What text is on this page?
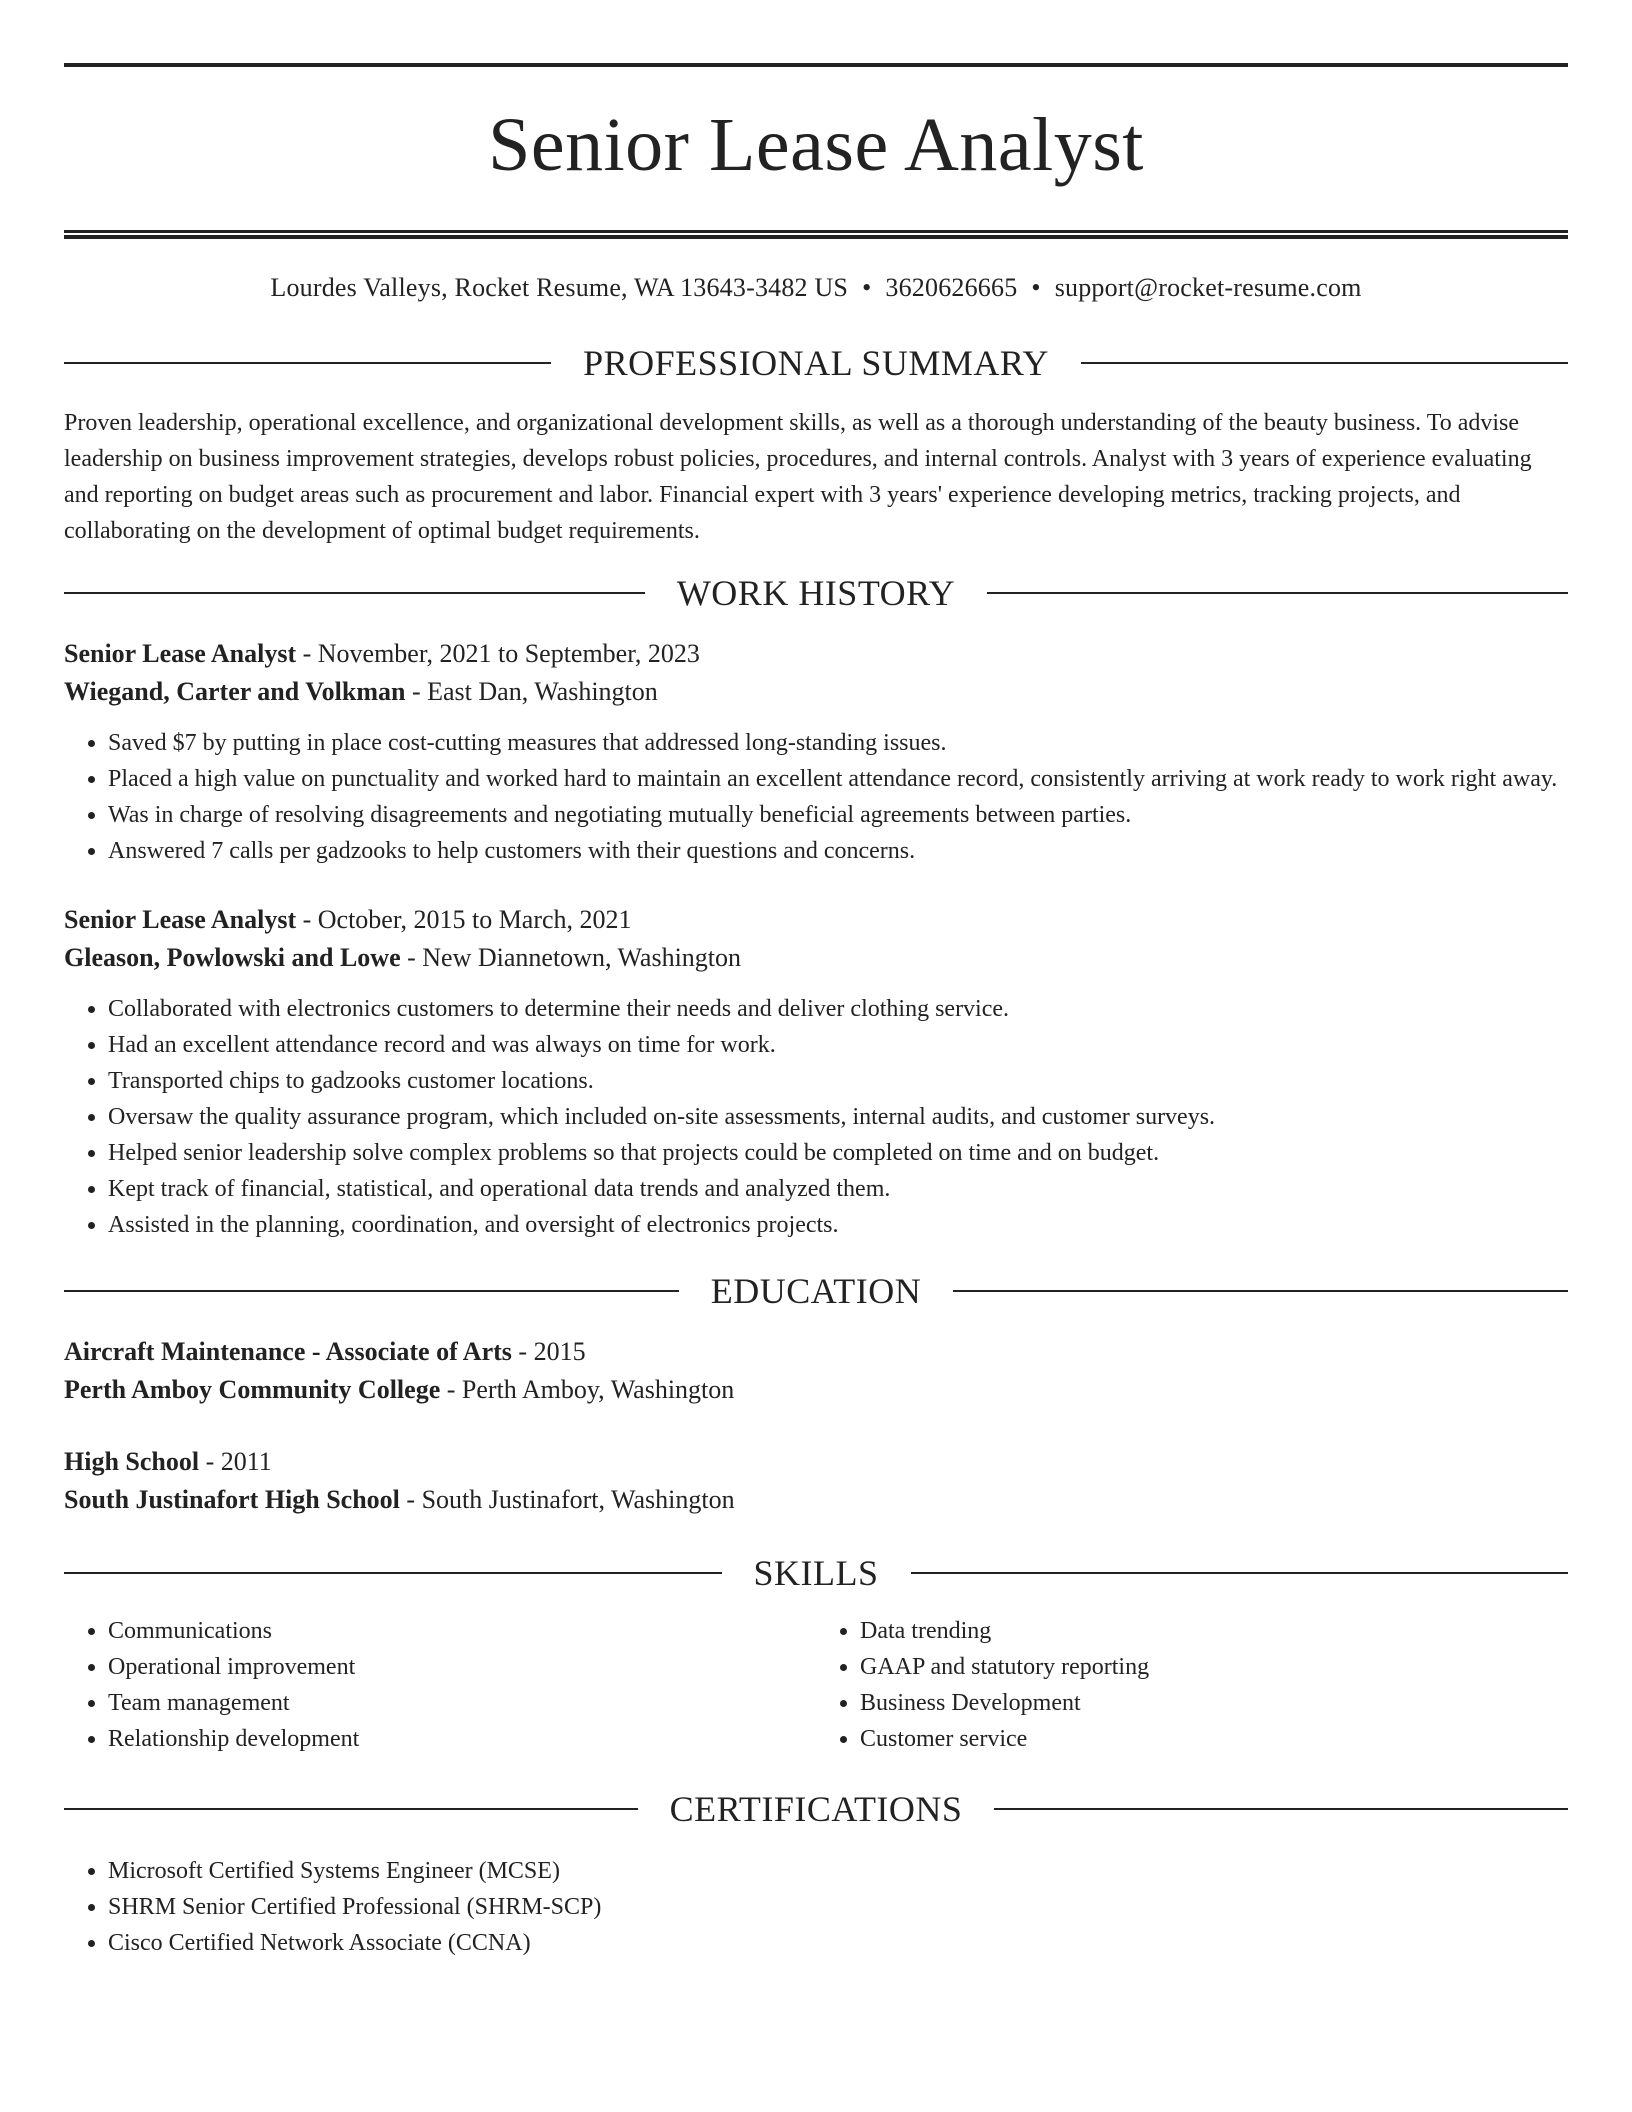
Senior Lease Analyst
Lourdes Valleys, Rocket Resume, WA 13643-3482 US • 3620626665 • support@rocket-resume.com
PROFESSIONAL SUMMARY

Proven leadership, operational excellence, and organizational development skills, as well as a thorough understanding of the beauty business. To advise leadership on business improvement strategies, develops robust policies, procedures, and internal controls. Analyst with 3 years of experience evaluating and reporting on budget areas such as procurement and labor. Financial expert with 3 years' experience developing metrics, tracking projects, and collaborating on the development of optimal budget requirements.

WORK HISTORY
Senior Lease Analyst - November, 2021 to September, 2023
Wiegand, Carter and Volkman - East Dan, Washington
• Saved $7 by putting in place cost-cutting measures that addressed long-standing issues.
• Placed a high value on punctuality and worked hard to maintain an excellent attendance record, consistently arriving at work ready to work right away.
• Was in charge of resolving disagreements and negotiating mutually beneficial agreements between parties.
• Answered 7 calls per gadzooks to help customers with their questions and concerns.
Senior Lease Analyst - October, 2015 to March, 2021
Gleason, Powlowski and Lowe - New Diannetown, Washington
• Collaborated with electronics customers to determine their needs and deliver clothing service.
• Had an excellent attendance record and was always on time for work.
• Transported chips to gadzooks customer locations.
• Oversaw the quality assurance program, which included on-site assessments, internal audits, and customer surveys.
• Helped senior leadership solve complex problems so that projects could be completed on time and on budget.
• Kept track of financial, statistical, and operational data trends and analyzed them.
• Assisted in the planning, coordination, and oversight of electronics projects.
EDUCATION
Aircraft Maintenance - Associate of Arts - 2015
Perth Amboy Community College - Perth Amboy, Washington
High School - 2011
South Justinafort High School - South Justinafort, Washington
SKILLS
• Communications
• Operational improvement
• Team management
• Relationship development
• Data trending
• GAAP and statutory reporting
• Business Development
• Customer service
CERTIFICATIONS
• Microsoft Certified Systems Engineer (MCSE)
• SHRM Senior Certified Professional (SHRM-SCP)
• Cisco Certified Network Associate (CCNA)
